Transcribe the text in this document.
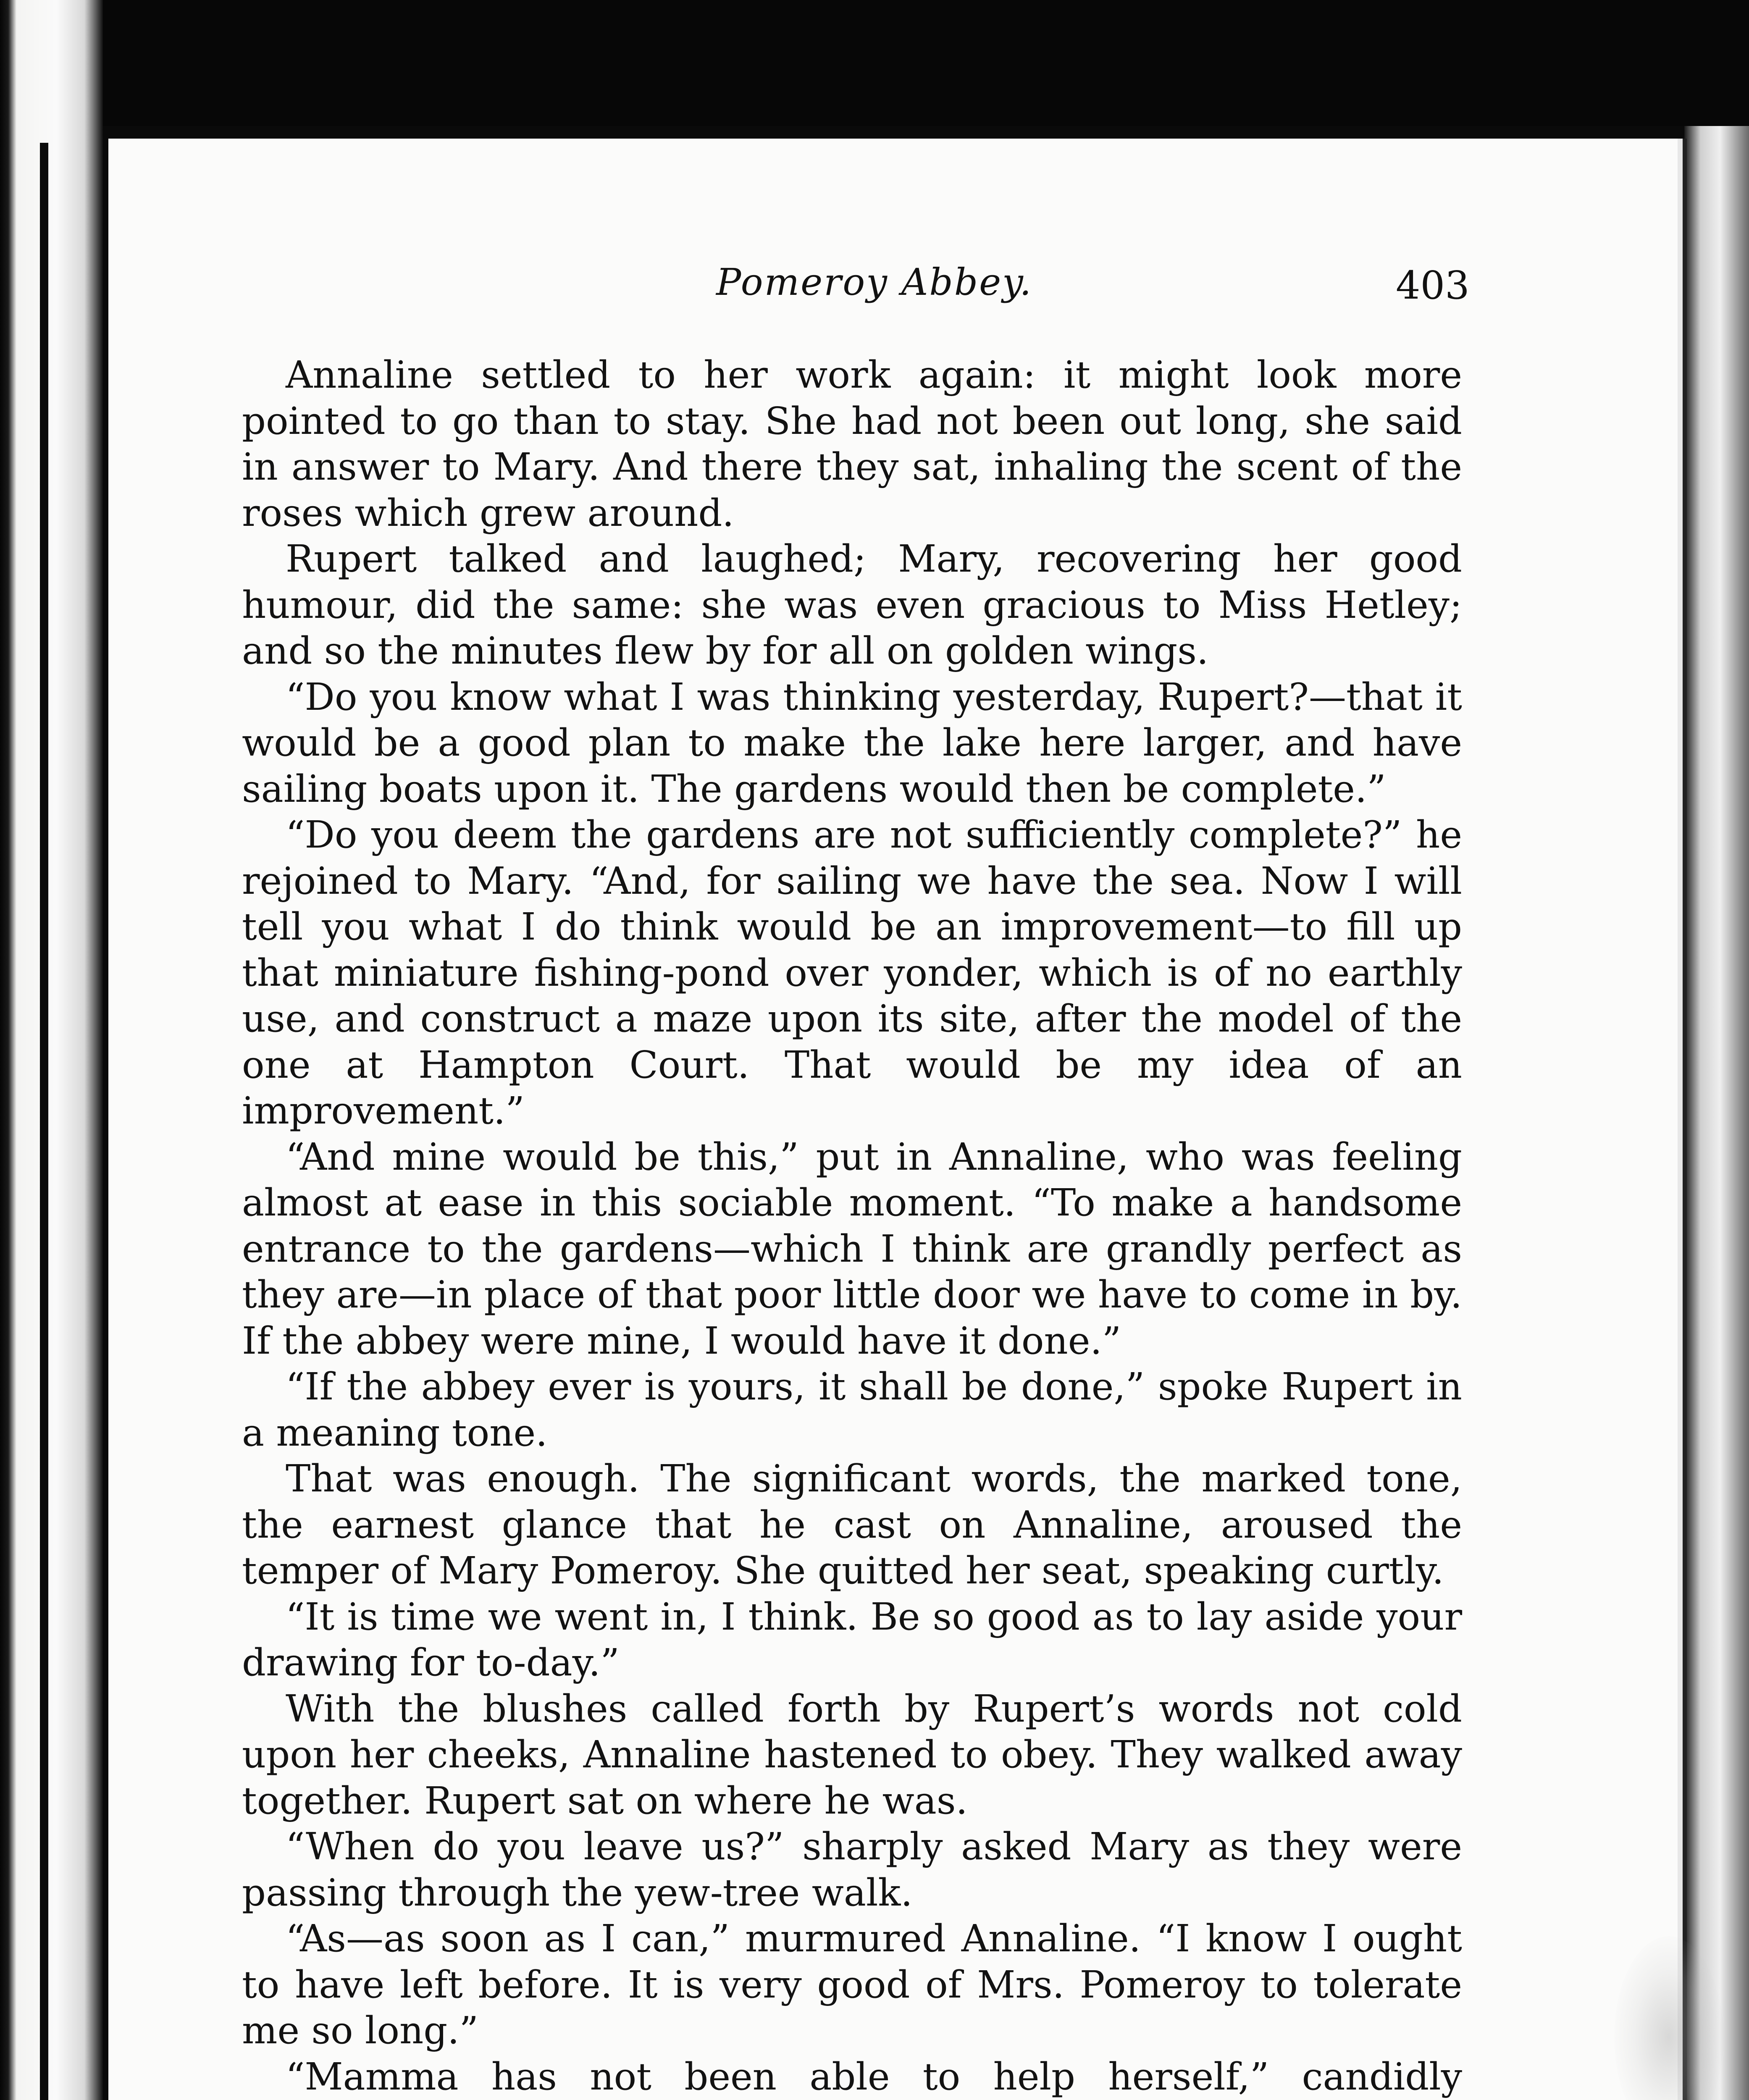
Pomeroy Abbey.	403

Annaline settled to her work again: it might look more pointed to go than to stay. She had not been out long, she said in answer to Mary. And there they sat, inhaling the scent of the roses which grew around.

Rupert talked and laughed; Mary, recovering her good humour, did the same: she was even gracious to Miss Hetley; and so the minutes flew by for all on golden wings.

“Do you know what I was thinking yesterday, Rupert?—that it would be a good plan to make the lake here larger, and have sailing boats upon it. The gardens would then be complete.”

“Do you deem the gardens are not sufficiently complete?” he rejoined to Mary. “And, for sailing we have the sea. Now I will tell you what I do think would be an improvement—to fill up that miniature fishing-pond over yonder, which is of no earthly use, and construct a maze upon its site, after the model of the one at Hampton Court. That would be my idea of an improvement.”

“And mine would be this,” put in Annaline, who was feeling almost at ease in this sociable moment. “To make a handsome entrance to the gardens—which I think are grandly perfect as they are—in place of that poor little door we have to come in by. If the abbey were mine, I would have it done.”

“If the abbey ever is yours, it shall be done,” spoke Rupert in a meaning tone.

That was enough. The significant words, the marked tone, the earnest glance that he cast on Annaline, aroused the temper of Mary Pomeroy. She quitted her seat, speaking curtly.

“It is time we went in, I think. Be so good as to lay aside your drawing for to-day.”

With the blushes called forth by Rupert’s words not cold upon her cheeks, Annaline hastened to obey. They walked away together. Rupert sat on where he was.

“When do you leave us?” sharply asked Mary as they were passing through the yew-tree walk.

“As—as soon as I can,” murmured Annaline. “I know I ought to have left before. It is very good of Mrs. Pomeroy to tolerate me so long.”

“Mamma has not been able to help herself,” candidly
